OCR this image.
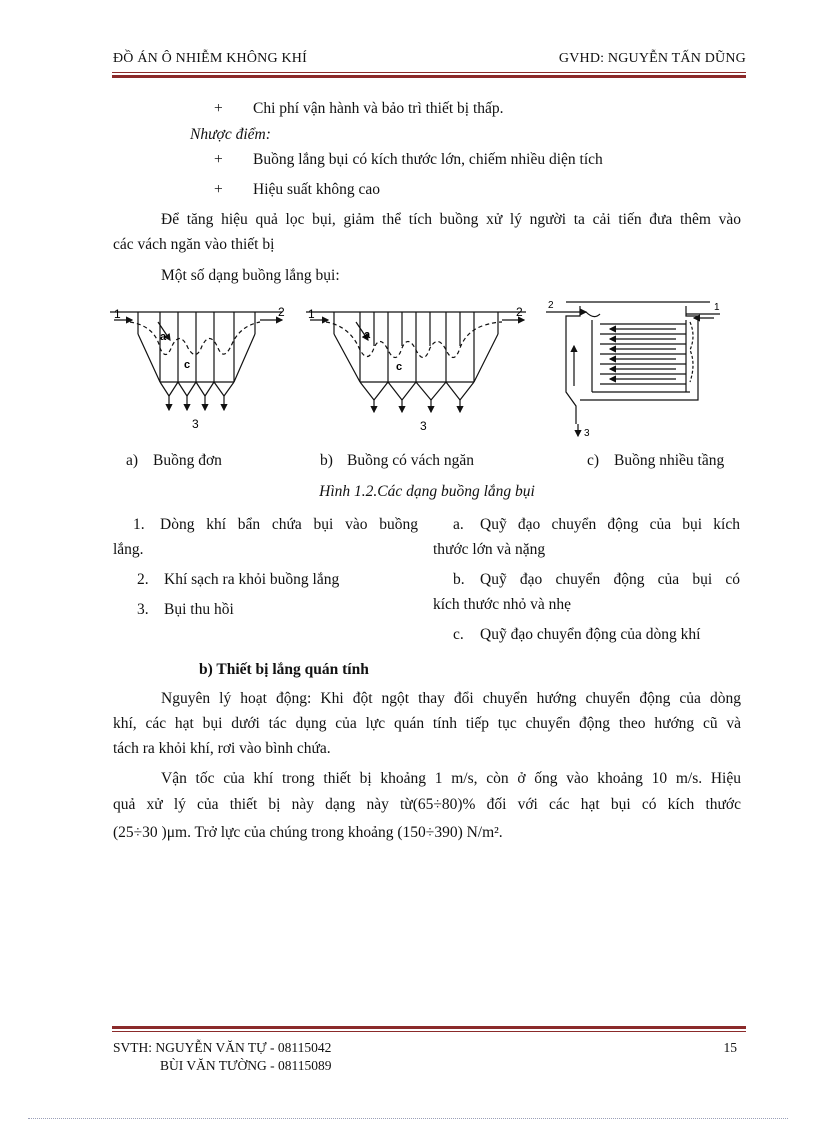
ĐỒ ÁN Ô NHIỄM KHÔNG KHÍ	GVHD: NGUYỄN TẤN DŨNG
+ Chi phí vận hành và bảo trì thiết bị thấp.
Nhược điểm:
+ Buồng lắng bụi có kích thước lớn, chiếm nhiều diện tích
+ Hiệu suất không cao
Để tăng hiệu quả lọc bụi, giảm thể tích buồng xử lý người ta cải tiến đưa thêm vào
các vách ngăn vào thiết bị
Một số dạng buồng lắng bụi:
1	2
a
c
3
1	2
a
c
3
2	1
3
a) Buồng đơn	b) Buồng có vách ngăn	c) Buồng nhiều tầng
Hình 1.2.Các dạng buồng lắng bụi
1. Dòng khí bẩn chứa bụi vào buồng
lắng.
2. Khí sạch ra khỏi buồng lắng
3. Bụi thu hồi
a. Quỹ đạo chuyển động của bụi kích
thước lớn và nặng
b. Quỹ đạo chuyển động của bụi có
kích thước nhỏ và nhẹ
c. Quỹ đạo chuyển động của dòng khí
b) Thiết bị lắng quán tính
Nguyên lý hoạt động: Khi đột ngột thay đổi chuyển hướng chuyển động của dòng
khí, các hạt bụi dưới tác dụng của lực quán tính tiếp tục chuyển động theo hướng cũ và
tách ra khỏi khí, rơi vào bình chứa.
Vận tốc của khí trong thiết bị khoảng 1 m/s, còn ở ống vào khoảng 10 m/s. Hiệu
quả xử lý của thiết bị này dạng này từ(65÷80)% đối với các hạt bụi có kích thước
(25÷30 )μm. Trở lực của chúng trong khoảng (150÷390) N/m².
SVTH: NGUYỄN VĂN TỰ - 08115042
BÙI VĂN TƯỜNG - 08115089
15
